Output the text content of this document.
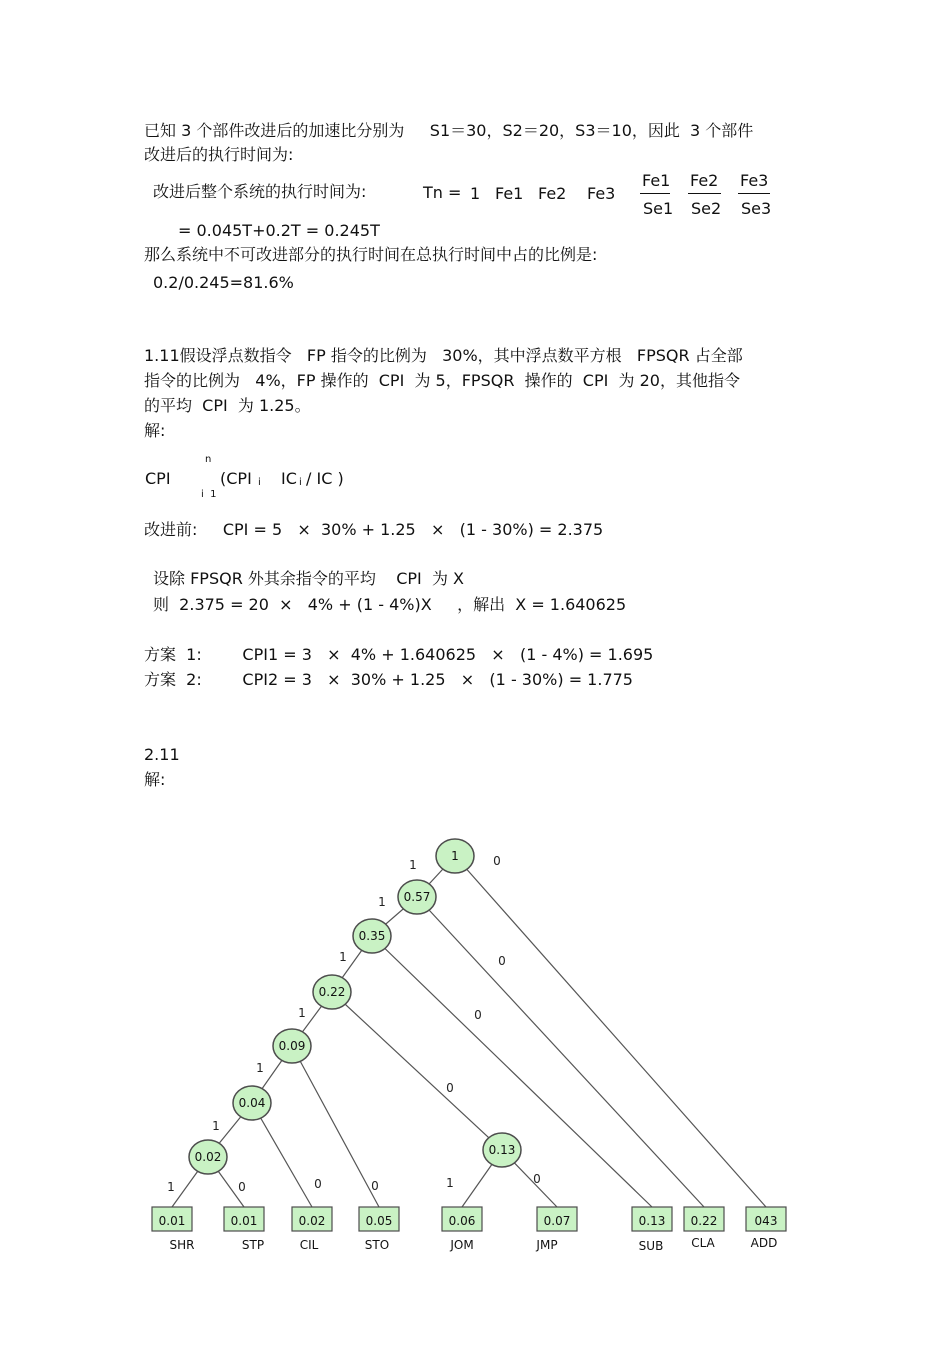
已知 3 个部件改进后的加速比分别为     S1＝30，S2＝20，S3＝10，因此  3 个部件
改进后的执行时间为:
改进后整个系统的执行时间为:	Tn = 1 Fe1 Fe2 Fe3
Fe1
Se1
Fe2
Se2
Fe3
Se3
= 0.045T+0.2T = 0.245T
那么系统中不可改进部分的执行时间在总执行时间中占的比例是:
0.2/0.245=81.6%
1.11假设浮点数指令   FP 指令的比例为   30%，其中浮点数平方根   FPSQR 占全部
指令的比例为   4%，FP 操作的  CPI  为 5，FPSQR  操作的  CPI  为 20，其他指令
的平均  CPI  为 1.25。
解:
CPI
n
i  1
(CPI i IC i / IC )
改进前:     CPI = 5   ×  30% + 1.25   ×   (1 - 30%) = 2.375
设除 FPSQR 外其余指令的平均    CPI  为 X
则  2.375 = 20  ×   4% + (1 - 4%)X     ，解出  X = 1.640625
方案  1:        CPI1 = 3   ×  4% + 1.640625   ×   (1 - 4%) = 1.695
方案  2:        CPI2 = 3   ×  30% + 1.25   ×   (1 - 30%) = 1.775
2.11
解:
1	0
1
0
1
0
1
0
1
0
1
0
1	0	1	0
1
0.57
0.35
0.22
0.09
0.04
0.02	0.13
0.01
SHR
0.01
STP
0.02
CIL
0.05
STO
0.06
JOM
0.07
JMP
0.13
SUB
0.22
CLA
043
ADD
